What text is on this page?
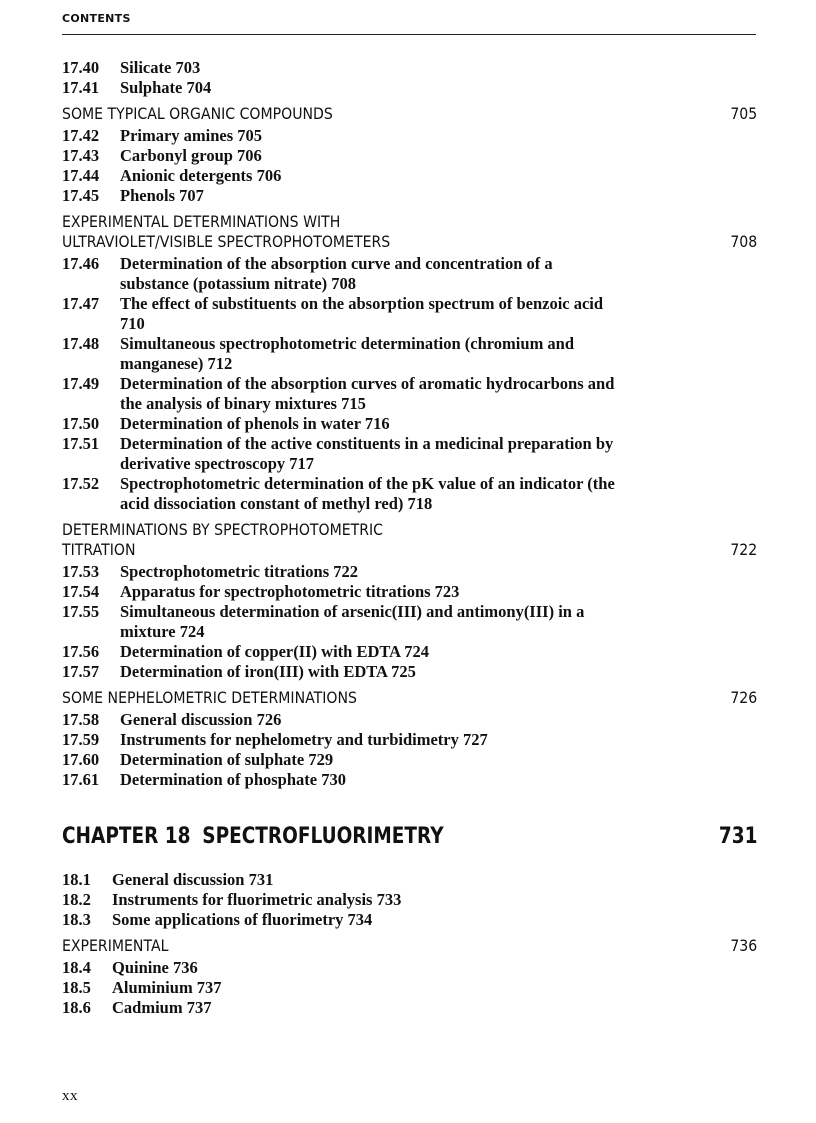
CONTENTS
17.40	Silicate 703
17.41	Sulphate 704
SOME TYPICAL ORGANIC COMPOUNDS	705
17.42	Primary amines 705
17.43	Carbonyl group 706
17.44	Anionic detergents 706
17.45	Phenols 707
EXPERIMENTAL DETERMINATIONS WITH
ULTRAVIOLET/VISIBLE SPECTROPHOTOMETERS	708
17.46	Determination of the absorption curve and concentration of a substance (potassium nitrate) 708
17.47	The effect of substituents on the absorption spectrum of benzoic acid 710
17.48	Simultaneous spectrophotometric determination (chromium and manganese) 712
17.49	Determination of the absorption curves of aromatic hydrocarbons and the analysis of binary mixtures 715
17.50	Determination of phenols in water 716
17.51	Determination of the active constituents in a medicinal preparation by derivative spectroscopy 717
17.52	Spectrophotometric determination of the pK value of an indicator (the acid dissociation constant of methyl red) 718
DETERMINATIONS BY SPECTROPHOTOMETRIC
TITRATION	722
17.53	Spectrophotometric titrations 722
17.54	Apparatus for spectrophotometric titrations 723
17.55	Simultaneous determination of arsenic(III) and antimony(III) in a mixture 724
17.56	Determination of copper(II) with EDTA 724
17.57	Determination of iron(III) with EDTA 725
SOME NEPHELOMETRIC DETERMINATIONS	726
17.58	General discussion 726
17.59	Instruments for nephelometry and turbidimetry 727
17.60	Determination of sulphate 729
17.61	Determination of phosphate 730
CHAPTER 18 SPECTROFLUORIMETRY	731
18.1	General discussion 731
18.2	Instruments for fluorimetric analysis 733
18.3	Some applications of fluorimetry 734
EXPERIMENTAL	736
18.4	Quinine 736
18.5	Aluminium 737
18.6	Cadmium 737
xx
